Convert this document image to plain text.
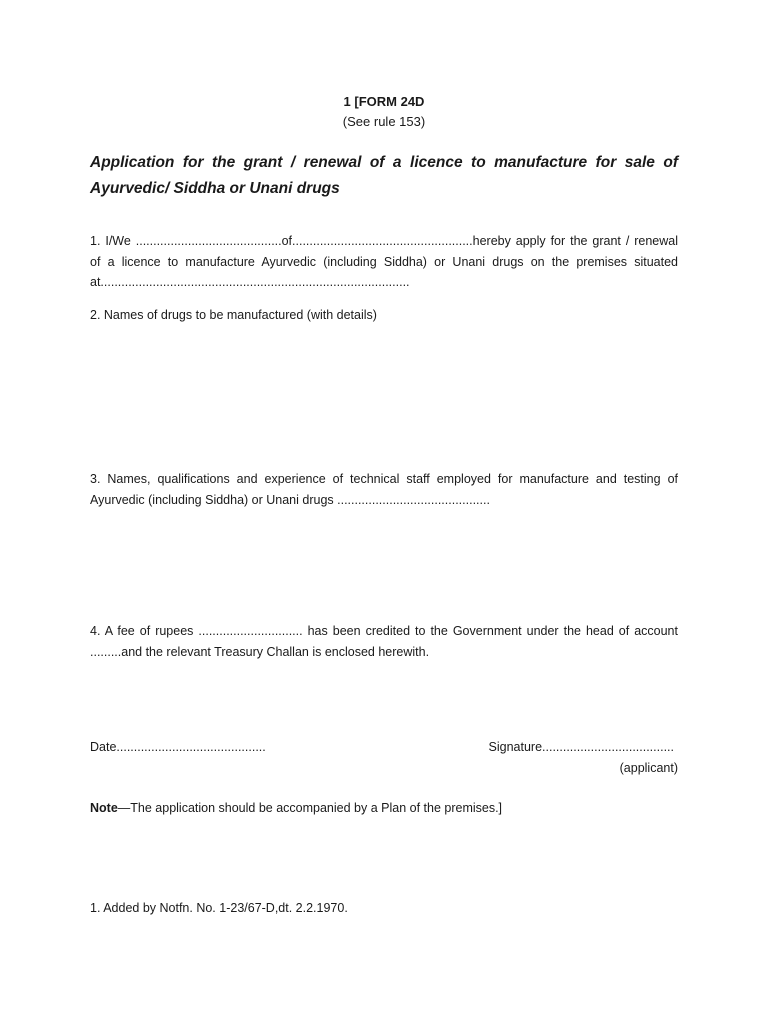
1 [FORM 24D
(See rule 153)
Application for the grant / renewal of a licence to manufacture for sale of Ayurvedic/ Siddha or Unani drugs
1. I/We ..........................................of....................................................hereby apply for the grant / renewal of a licence to manufacture Ayurvedic (including Siddha) or Unani drugs on the premises situated at.........................................................................................
2. Names of drugs to be manufactured (with details)
3. Names, qualifications and experience of technical staff employed for manufacture and testing of Ayurvedic (including Siddha) or Unani drugs ............................................
4. A fee of rupees .............................. has been credited to the Government under the head of account .........and the relevant Treasury Challan is enclosed herewith.
Date...........................................	Signature......................................
(applicant)
Note—The application should be accompanied by a Plan of the premises.]
1. Added by Notfn. No. 1-23/67-D,dt. 2.2.1970.
